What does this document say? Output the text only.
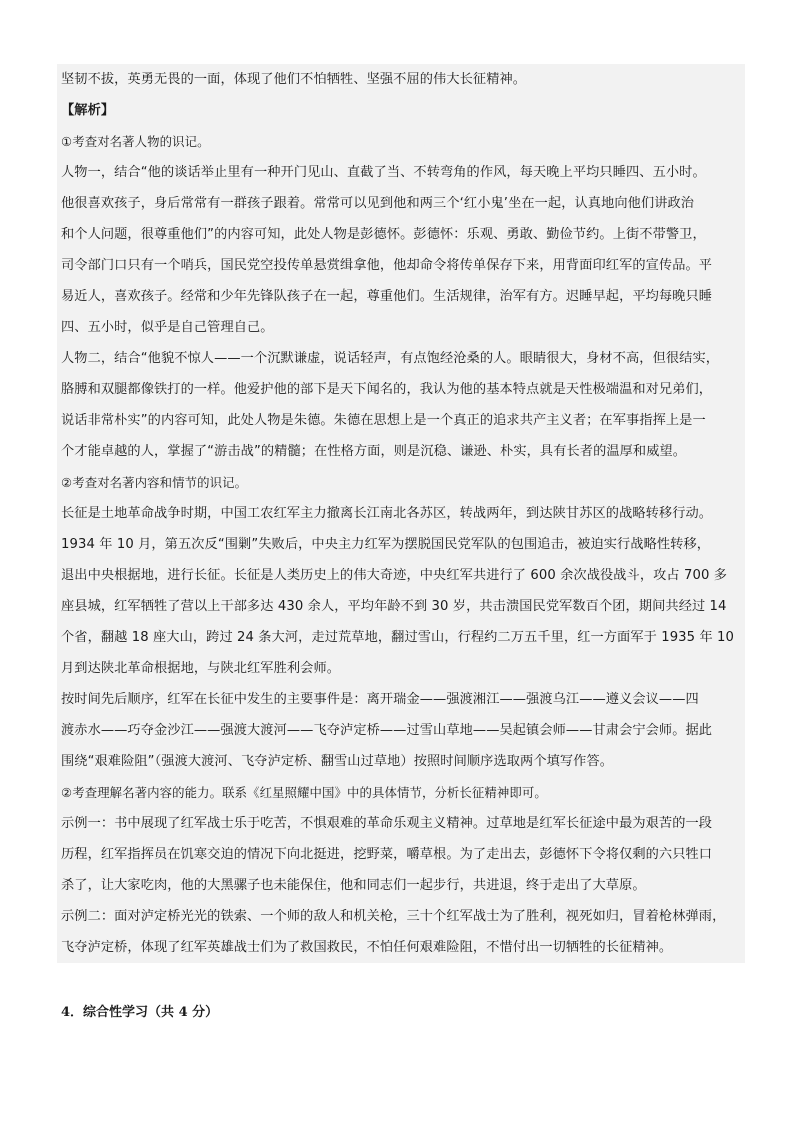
坚韧不拔，英勇无畏的一面，体现了他们不怕牺牲、坚强不屈的伟大长征精神。
【解析】
①考查对名著人物的识记。
人物一，结合“他的谈话举止里有一种开门见山、直截了当、不转弯角的作风，每天晚上平均只睡四、五小时。
他很喜欢孩子，身后常常有一群孩子跟着。常常可以见到他和两三个‘红小鬼’坐在一起，认真地向他们讲政治
和个人问题，很尊重他们”的内容可知，此处人物是彭德怀。彭德怀：乐观、勇敢、勤俭节约。上街不带警卫，
司令部门口只有一个哨兵，国民党空投传单悬赏缉拿他，他却命令将传单保存下来，用背面印红军的宣传品。平
易近人，喜欢孩子。经常和少年先锋队孩子在一起，尊重他们。生活规律，治军有方。迟睡早起，平均每晚只睡
四、五小时，似乎是自己管理自己。
人物二，结合“他貌不惊人——一个沉默谦虚，说话轻声，有点饱经沧桑的人。眼睛很大，身材不高，但很结实，
胳膊和双腿都像铁打的一样。他爱护他的部下是天下闻名的，我认为他的基本特点就是天性极端温和对兄弟们，
说话非常朴实”的内容可知，此处人物是朱德。朱德在思想上是一个真正的追求共产主义者；在军事指挥上是一
个才能卓越的人，掌握了“游击战”的精髓；在性格方面，则是沉稳、谦逊、朴实，具有长者的温厚和威望。
②考查对名著内容和情节的识记。
长征是土地革命战争时期，中国工农红军主力撤离长江南北各苏区，转战两年，到达陕甘苏区的战略转移行动。
1934 年 10 月，第五次反“围剿”失败后，中央主力红军为摆脱国民党军队的包围追击，被迫实行战略性转移，
退出中央根据地，进行长征。长征是人类历史上的伟大奇迹，中央红军共进行了 600 余次战役战斗，攻占 700 多
座县城，红军牺牲了营以上干部多达 430 余人，平均年龄不到 30 岁，共击溃国民党军数百个团，期间共经过 14
个省，翻越 18 座大山，跨过 24 条大河，走过荒草地，翻过雪山，行程约二万五千里，红一方面军于 1935 年 10
月到达陕北革命根据地，与陕北红军胜利会师。
按时间先后顺序，红军在长征中发生的主要事件是：离开瑞金——强渡湘江——强渡乌江——遵义会议——四
渡赤水——巧夺金沙江——强渡大渡河——飞夺泸定桥——过雪山草地——吴起镇会师——甘肃会宁会师。据此
围绕“艰难险阻”（强渡大渡河、飞夺泸定桥、翻雪山过草地）按照时间顺序选取两个填写作答。
②考查理解名著内容的能力。联系《红星照耀中国》中的具体情节，分析长征精神即可。
示例一：书中展现了红军战士乐于吃苦，不惧艰难的革命乐观主义精神。过草地是红军长征途中最为艰苦的一段
历程，红军指挥员在饥寒交迫的情况下向北挺进，挖野菜，嚼草根。为了走出去，彭德怀下令将仅剩的六只牲口
杀了，让大家吃肉，他的大黑骡子也未能保住，他和同志们一起步行，共进退，终于走出了大草原。
示例二：面对泸定桥光光的铁索、一个师的敌人和机关枪，三十个红军战士为了胜利，视死如归，冒着枪林弹雨，
飞夺泸定桥，体现了红军英雄战士们为了救国救民，不怕任何艰难险阻，不惜付出一切牺牲的长征精神。
4．综合性学习（共 4 分）
